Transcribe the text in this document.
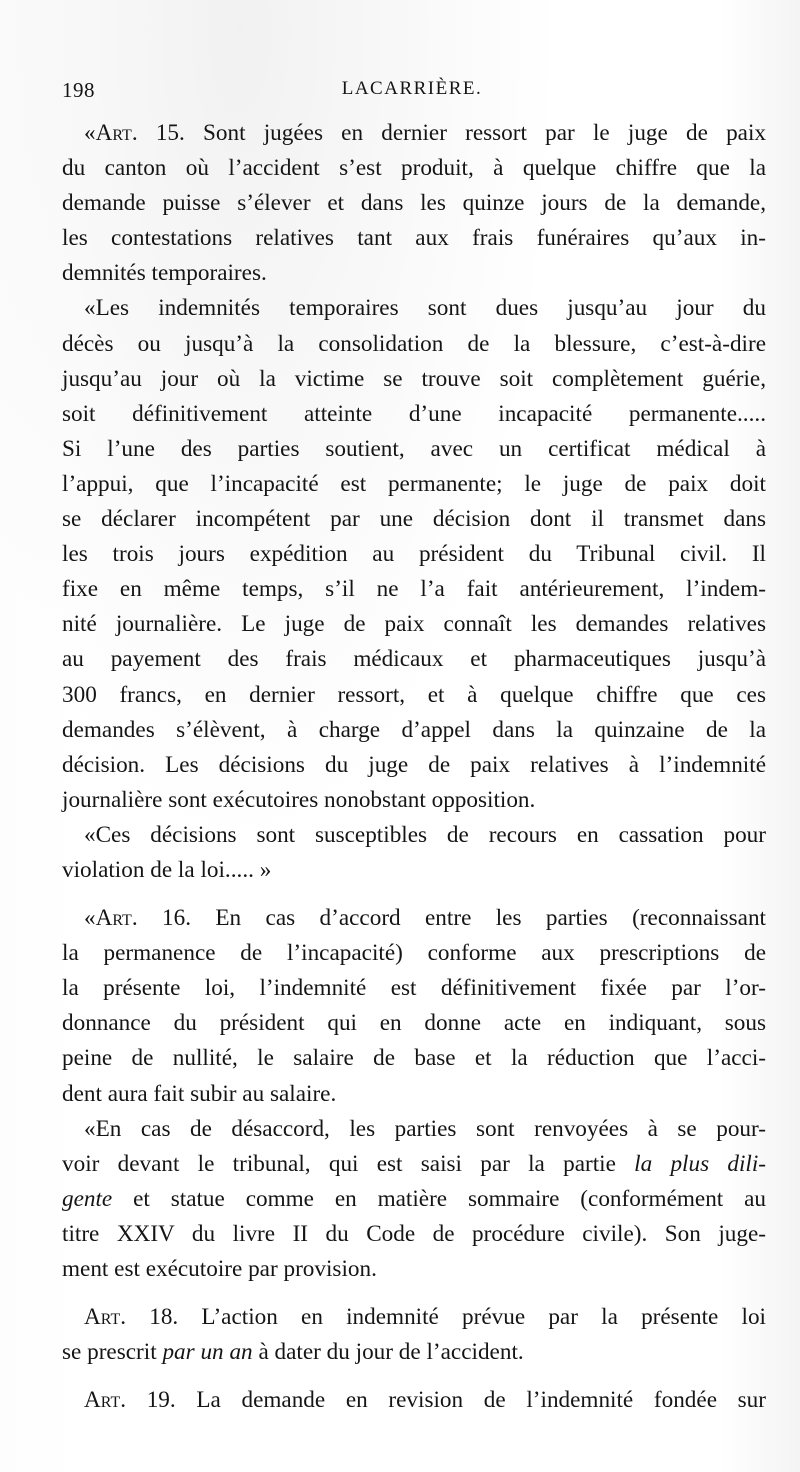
198	LACARRIÈRE.

«Art. 15. Sont jugées en dernier ressort par le juge de paix

du canton où l’accident s’est produit, à quelque chiffre que la

demande puisse s’élever et dans les quinze jours de la demande,

les contestations relatives tant aux frais funéraires qu’aux in-

demnités temporaires.

«Les indemnités temporaires sont dues jusqu’au jour du

décès ou jusqu’à la consolidation de la blessure, c’est-à-dire

jusqu’au jour où la victime se trouve soit complètement guérie,

soit définitivement atteinte d’une incapacité permanente.....

Si l’une des parties soutient, avec un certificat médical à

l’appui, que l’incapacité est permanente; le juge de paix doit

se déclarer incompétent par une décision dont il transmet dans

les trois jours expédition au président du Tribunal civil. Il

fixe en même temps, s’il ne l’a fait antérieurement, l’indem-

nité journalière. Le juge de paix connaît les demandes relatives

au payement des frais médicaux et pharmaceutiques jusqu’à

300 francs, en dernier ressort, et à quelque chiffre que ces

demandes s’élèvent, à charge d’appel dans la quinzaine de la

décision. Les décisions du juge de paix relatives à l’indemnité

journalière sont exécutoires nonobstant opposition.

«Ces décisions sont susceptibles de recours en cassation pour

violation de la loi..... »

«Art. 16. En cas d’accord entre les parties (reconnaissant

la permanence de l’incapacité) conforme aux prescriptions de

la présente loi, l’indemnité est définitivement fixée par l’or-

donnance du président qui en donne acte en indiquant, sous

peine de nullité, le salaire de base et la réduction que l’acci-

dent aura fait subir au salaire.

«En cas de désaccord, les parties sont renvoyées à se pour-

voir devant le tribunal, qui est saisi par la partie la plus dili-

gente et statue comme en matière sommaire (conformément au

titre XXIV du livre II du Code de procédure civile). Son juge-

ment est exécutoire par provision.

Art. 18. L’action en indemnité prévue par la présente loi

se prescrit par un an à dater du jour de l’accident.

Art. 19. La demande en revision de l’indemnité fondée sur
